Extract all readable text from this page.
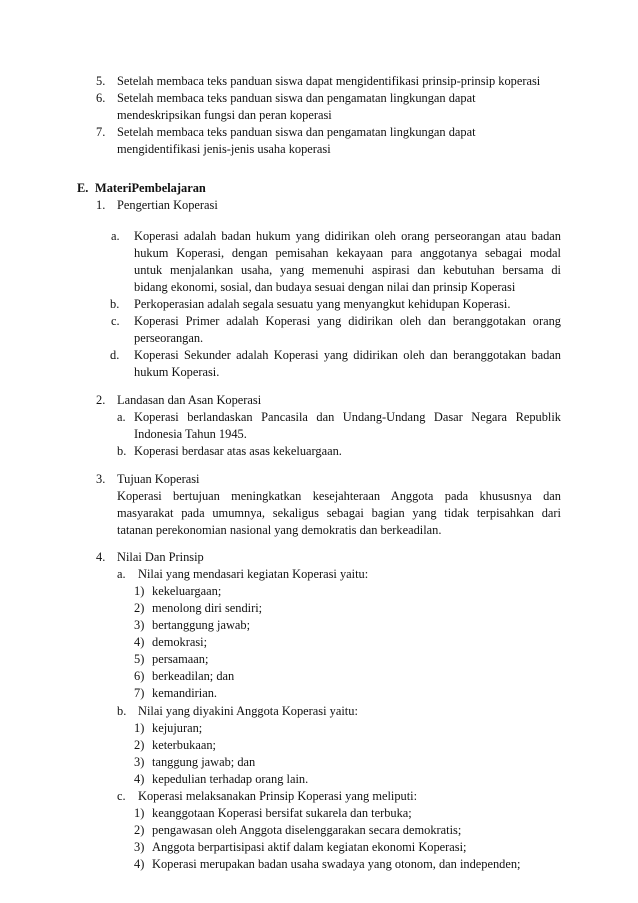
5. Setelah membaca teks panduan siswa dapat mengidentifikasi prinsip-prinsip koperasi
6. Setelah membaca teks panduan siswa dan pengamatan lingkungan dapat
mendeskripsikan fungsi dan peran koperasi
7. Setelah membaca teks panduan siswa dan pengamatan lingkungan dapat
mengidentifikasi jenis-jenis usaha koperasi
E. MateriPembelajaran
1. Pengertian Koperasi
a. Koperasi adalah badan hukum yang didirikan oleh orang perseorangan atau badan
hukum Koperasi, dengan pemisahan kekayaan para anggotanya sebagai modal
untuk menjalankan usaha, yang memenuhi aspirasi dan kebutuhan bersama di
bidang ekonomi, sosial, dan budaya sesuai dengan nilai dan prinsip Koperasi
b. Perkoperasian adalah segala sesuatu yang menyangkut kehidupan Koperasi.
c. Koperasi Primer adalah Koperasi yang didirikan oleh dan beranggotakan orang
perseorangan.
d. Koperasi Sekunder adalah Koperasi yang didirikan oleh dan beranggotakan badan
hukum Koperasi.
2. Landasan dan Asan Koperasi
a. Koperasi berlandaskan Pancasila dan Undang-Undang Dasar Negara Republik
Indonesia Tahun 1945.
b. Koperasi berdasar atas asas kekeluargaan.
3. Tujuan Koperasi
Koperasi bertujuan meningkatkan kesejahteraan Anggota pada khususnya dan
masyarakat pada umumnya, sekaligus sebagai bagian yang tidak terpisahkan dari
tatanan perekonomian nasional yang demokratis dan berkeadilan.
4. Nilai Dan Prinsip
a. Nilai yang mendasari kegiatan Koperasi yaitu:
1) kekeluargaan;
2) menolong diri sendiri;
3) bertanggung jawab;
4) demokrasi;
5) persamaan;
6) berkeadilan; dan
7) kemandirian.
b. Nilai yang diyakini Anggota Koperasi yaitu:
1) kejujuran;
2) keterbukaan;
3) tanggung jawab; dan
4) kepedulian terhadap orang lain.
c. Koperasi melaksanakan Prinsip Koperasi yang meliputi:
1) keanggotaan Koperasi bersifat sukarela dan terbuka;
2) pengawasan oleh Anggota diselenggarakan secara demokratis;
3) Anggota berpartisipasi aktif dalam kegiatan ekonomi Koperasi;
4) Koperasi merupakan badan usaha swadaya yang otonom, dan independen;
